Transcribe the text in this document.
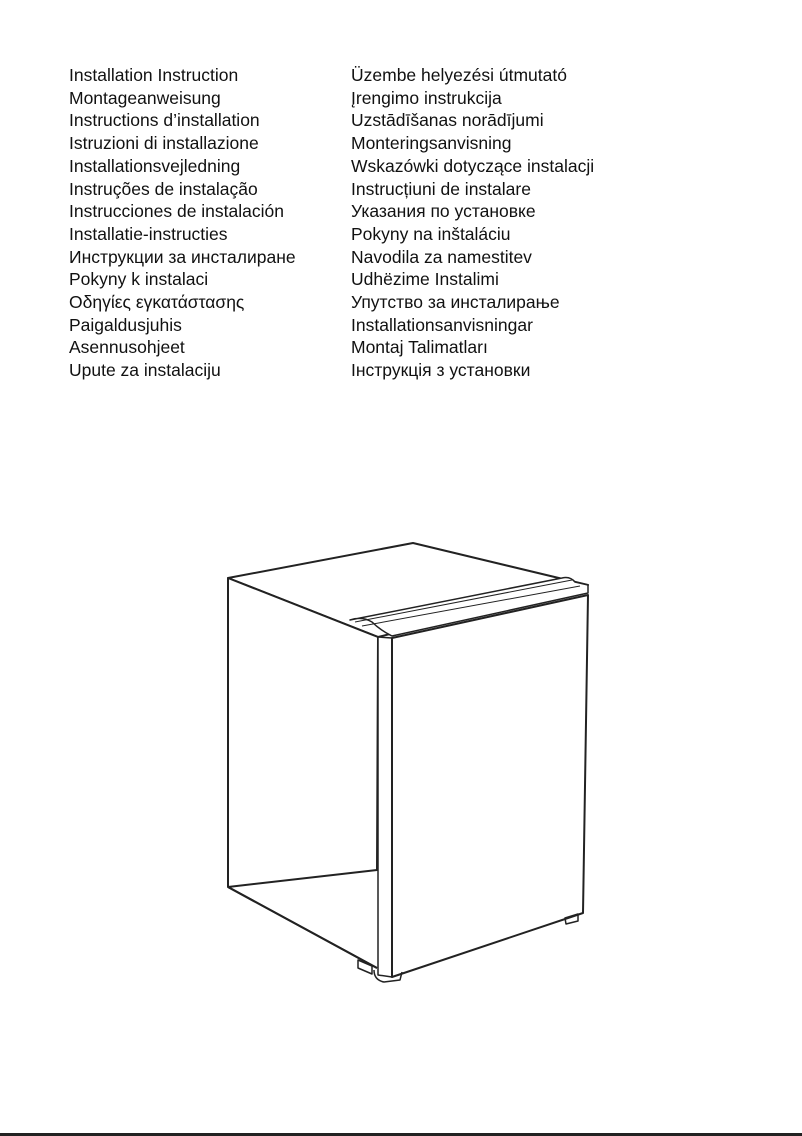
Installation Instruction
Montageanweisung
Instructions d’installation
Istruzioni di installazione
Installationsvejledning
Instruções de instalação
Instrucciones de instalación
Installatie-instructies
Инструкции за инсталиране
Pokyny k instalaci
Οδηγίες εγκατάστασης
Paigaldusjuhis
Asennusohjeet
Upute za instalaciju
Üzembe helyezési útmutató
Įrengimo instrukcija
Uzstādīšanas norādījumi
Monteringsanvisning
Wskazówki dotyczące instalacji
Instrucțiuni de instalare
Указания по установке
Pokyny na inštaláciu
Navodila za namestitev
Udhëzime Instalimi
Упутство за инсталирање
Installationsanvisningar
Montaj Talimatları
Інструкція з установки
